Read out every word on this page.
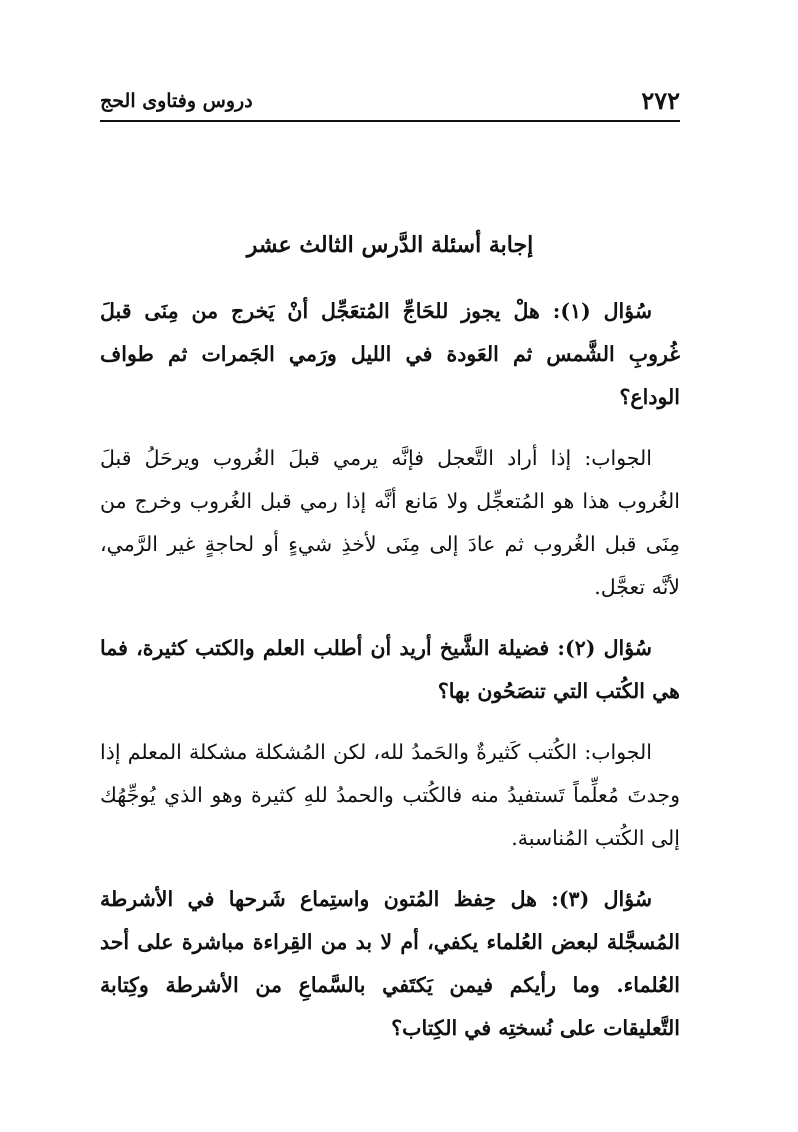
٢٧٢
دروس وفتاوى الحج
إجابة أسئلة الدَّرس الثالث عشر

سُؤال (١): هلْ يجوز للحَاجِّ المُتعَجِّل أنْ يَخرج من مِنَى قبلَ غُروبِ الشَّمس ثم العَودة في الليل ورَمي الجَمرات ثم طواف الوداع؟

الجواب: إذا أراد التَّعجل فإنَّه يرمي قبلَ الغُروب ويرحَلُ قبلَ الغُروب هذا هو المُتعجِّل ولا مَانع أنَّه إذا رمي قبل الغُروب وخرج من مِنَى قبل الغُروب ثم عادَ إلى مِنَى لأخذِ شيءٍ أو لحاجةٍ غير الرَّمي، لأنَّه تعجَّل.

سُؤال (٢): فضيلة الشَّيخ أريد أن أطلب العلم والكتب كثيرة، فما هي الكُتب التي تنصَحُون بها؟

الجواب: الكُتب كَثيرةٌ والحَمدُ لله، لكن المُشكلة مشكلة المعلم إذا وجدتَ مُعلِّماً تَستفيدُ منه فالكُتب والحمدُ للهِ كثيرة وهو الذي يُوجِّهُك إلى الكُتب المُناسبة.

سُؤال (٣): هل حِفظ المُتون واستِماع شَرحها في الأشرطة المُسجَّلة لبعض العُلماء يكفي، أم لا بد من القِراءة مباشرة على أحد العُلماء. وما رأيكم فيمن يَكتَفي بالسَّماعِ من الأشرطة وكِتابة التَّعليقات على نُسختِه في الكِتاب؟
